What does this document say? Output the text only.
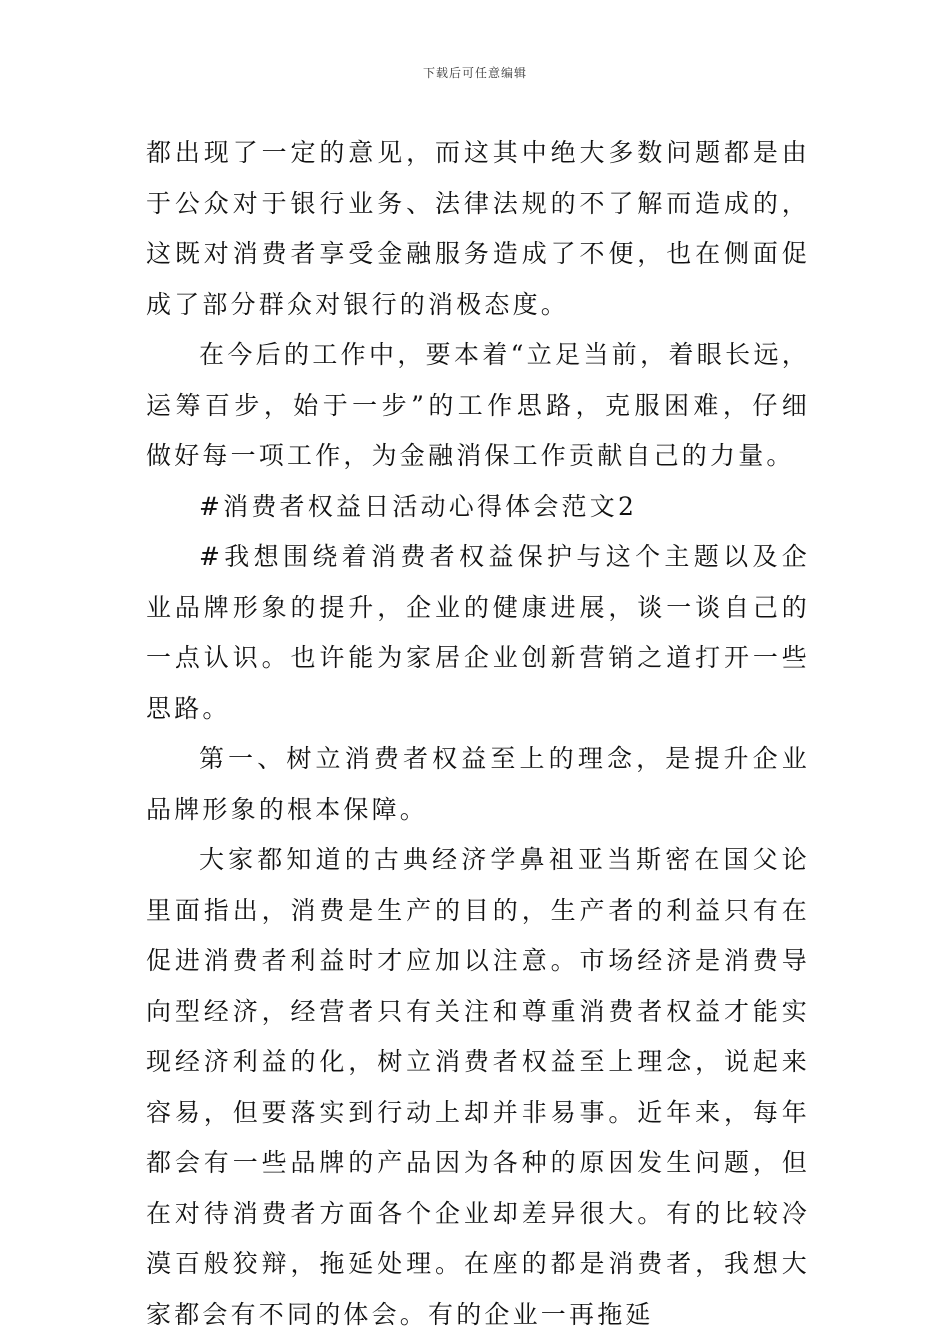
下载后可任意编辑

都出现了一定的意见，而这其中绝大多数问题都是由于公众对于银行业务、法律法规的不了解而造成的，这既对消费者享受金融服务造成了不便，也在侧面促成了部分群众对银行的消极态度。

在今后的工作中，要本着“立足当前，着眼长远，运筹百步，始于一步”的工作思路，克服困难，仔细做好每一项工作，为金融消保工作贡献自己的力量。

#消费者权益日活动心得体会范文2

#我想围绕着消费者权益保护与这个主题以及企业品牌形象的提升，企业的健康进展，谈一谈自己的一点认识。也许能为家居企业创新营销之道打开一些思路。

第一、树立消费者权益至上的理念，是提升企业品牌形象的根本保障。

大家都知道的古典经济学鼻祖亚当斯密在国父论里面指出，消费是生产的目的，生产者的利益只有在促进消费者利益时才应加以注意。市场经济是消费导向型经济，经营者只有关注和尊重消费者权益才能实现经济利益的化，树立消费者权益至上理念，说起来容易，但要落实到行动上却并非易事。近年来，每年都会有一些品牌的产品因为各种的原因发生问题，但在对待消费者方面各个企业却差异很大。有的比较冷漠百般狡辩，拖延处理。在座的都是消费者，我想大家都会有不同的体会。有的企业一再拖延
